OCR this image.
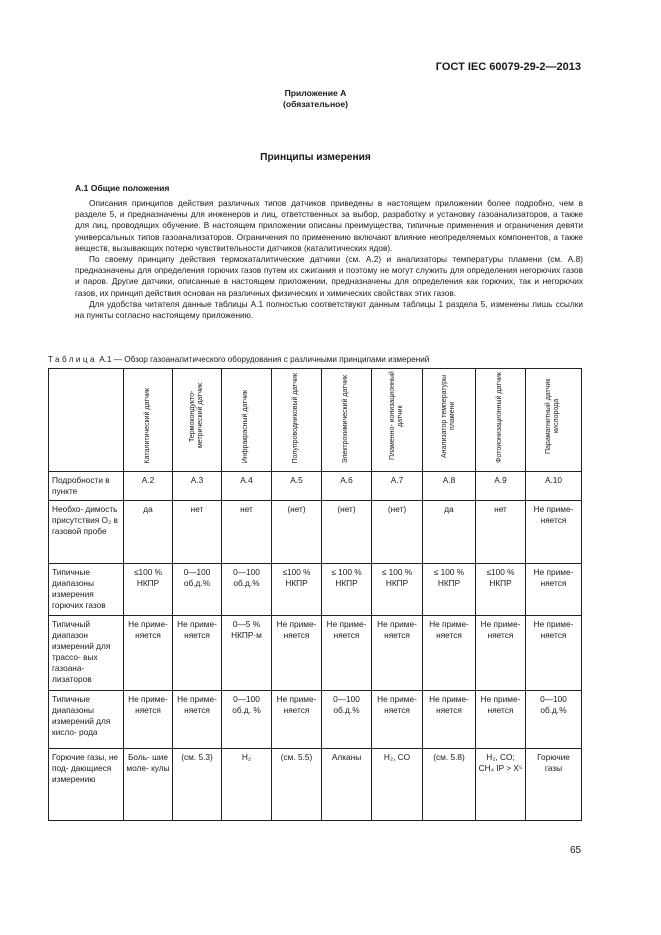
ГОСТ IEC 60079-29-2—2013
Приложение А
(обязательное)
Принципы измерения
А.1 Общие положения

Описания принципов действия различных типов датчиков приведены в настоящем приложении более подробно, чем в разделе 5, и предназначены для инженеров и лиц, ответственных за выбор, разработку и установку газоанализаторов, а также для лиц, проводящих обучение. В настоящем приложении описаны преимущества, типичные применения и ограничения девяти универсальных типов газоанализаторов. Ограничения по применению включают влияние неопределяемых компонентов, а также веществ, вызывающих потерю чувствительности датчиков (каталитических ядов).

По своему принципу действия термокаталитические датчики (см. А.2) и анализаторы температуры пламени (см. А.8) предназначены для определения горючих газов путем их сжигания и поэтому не могут служить для определения негорючих газов и паров. Другие датчики, описанные в настоящем приложении, предназначены для определения как горючих, так и негорючих газов, их принцип действия основан на различных физических и химических свойствах этих газов.

Для удобства читателя данные таблицы А.1 полностью соответствуют данным таблицы 1 раздела 5, изменены лишь ссылки на пункты согласно настоящему приложению.

Таблица А.1 — Обзор газоаналитического оборудования с различными принципами измерений

	Каталитический датчик	Термокондукто- метрический датчик	Инфракрасный датчик	Полупроводниковый датчик	Электрохимический датчик	Пламенно- ионизационный датчик	Анализатор температуры пламени	Фотоионизационный датчик	Парамагнитный датчик кислорода

Подробности в пункте	А.2	А.3	А.4	А.5	А.6	А.7	А.8	А.9	А.10
Необхо- димость присутствия O₂ в газовой пробе	да	нет	нет	(нет)	(нет)	(нет)	да	нет	Не приме- няется
Типичные диапазоны измерения горючих газов	≤100 % НКПР	0—100 об.д.%	0—100 об.д.%	≤100 % НКПР	≤ 100 % НКПР	≤ 100 % НКПР	≤ 100 % НКПР	≤100 % НКПР	Не приме- няется
Типичный диапазон измерений для трассо- вых газоана- лизаторов	Не приме- няется	Не приме- няется	0—5 % НКПР·м	Не приме- няется	Не приме- няется	Не приме- няется	Не приме- няется	Не приме- няется	Не приме- няется
Типичные диапазоны измерений для кисло- рода	Не приме- няется	Не приме- няется	0—100 об.д. %	Не приме- няется	0—100 об.д.%	Не приме- няется	Не приме- няется	Не приме- няется	0—100 об.д.%
Горючие газы, не под- дающиеся измерению	Боль- шие моле- кулы	(см. 5.3)	H₂	(см. 5.5)	Алканы	H₂, CO	(см. 5.8)	H₂, CO; CH₄ IP > X⁵	Горючие газы
65
